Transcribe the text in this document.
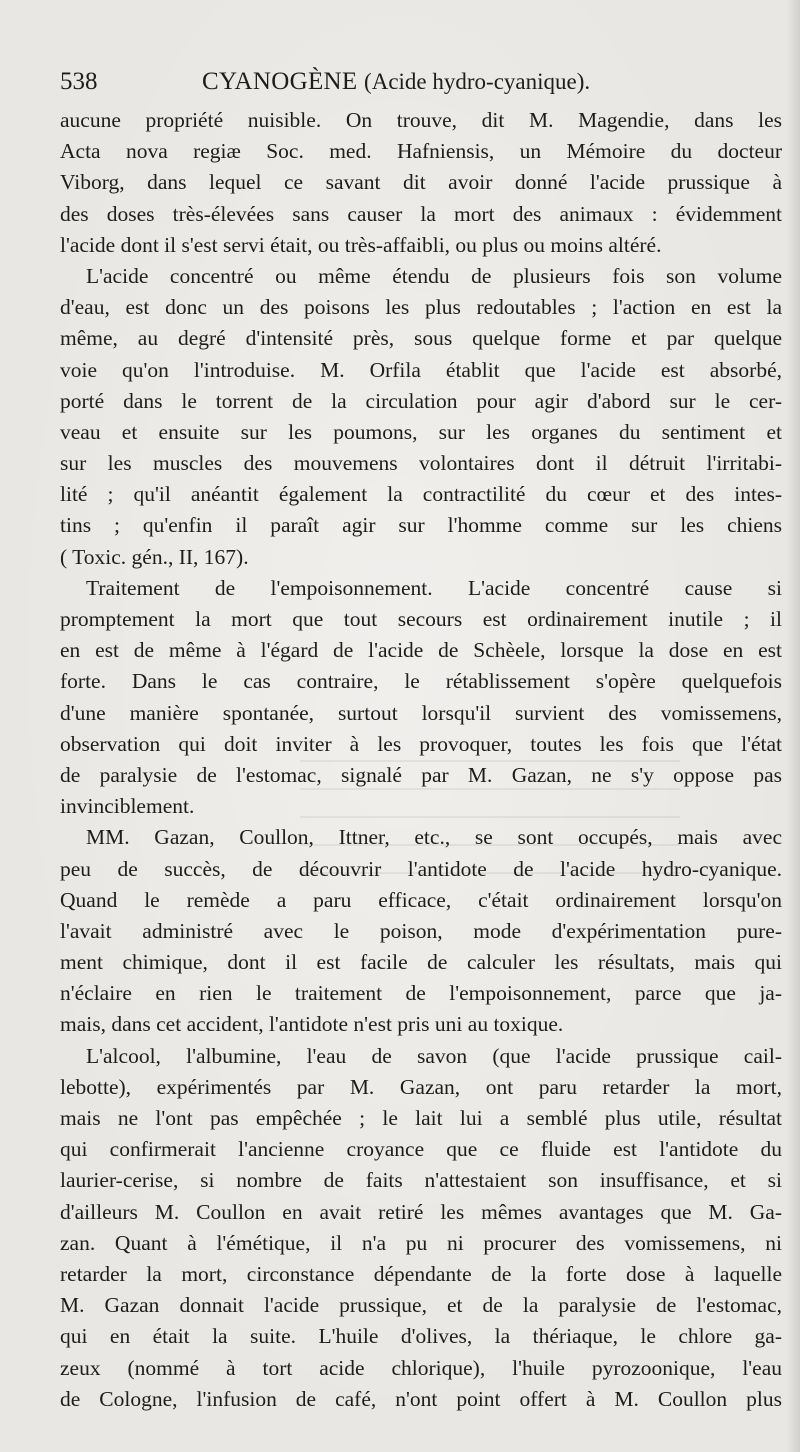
538	CYANOGÈNE (Acide hydro-cyanique).
aucune propriété nuisible. On trouve, dit M. Magendie, dans les
Acta nova regiæ Soc. med. Hafniensis, un Mémoire du docteur
Viborg, dans lequel ce savant dit avoir donné l'acide prussique à
des doses très-élevées sans causer la mort des animaux : évidemment
l'acide dont il s'est servi était, ou très-affaibli, ou plus ou moins altéré.
L'acide concentré ou même étendu de plusieurs fois son volume
d'eau, est donc un des poisons les plus redoutables ; l'action en est la
même, au degré d'intensité près, sous quelque forme et par quelque
voie qu'on l'introduise. M. Orfila établit que l'acide est absorbé,
porté dans le torrent de la circulation pour agir d'abord sur le cer-
veau et ensuite sur les poumons, sur les organes du sentiment et
sur les muscles des mouvemens volontaires dont il détruit l'irritabi-
lité ; qu'il anéantit également la contractilité du cœur et des intes-
tins ; qu'enfin il paraît agir sur l'homme comme sur les chiens
( Toxic. gén., II, 167).
Traitement de l'empoisonnement. L'acide concentré cause si
promptement la mort que tout secours est ordinairement inutile ; il
en est de même à l'égard de l'acide de Schèele, lorsque la dose en est
forte. Dans le cas contraire, le rétablissement s'opère quelquefois
d'une manière spontanée, surtout lorsqu'il survient des vomissemens,
observation qui doit inviter à les provoquer, toutes les fois que l'état
de paralysie de l'estomac, signalé par M. Gazan, ne s'y oppose pas
invinciblement.
MM. Gazan, Coullon, Ittner, etc., se sont occupés, mais avec
peu de succès, de découvrir l'antidote de l'acide hydro-cyanique.
Quand le remède a paru efficace, c'était ordinairement lorsqu'on
l'avait administré avec le poison, mode d'expérimentation pure-
ment chimique, dont il est facile de calculer les résultats, mais qui
n'éclaire en rien le traitement de l'empoisonnement, parce que ja-
mais, dans cet accident, l'antidote n'est pris uni au toxique.
L'alcool, l'albumine, l'eau de savon (que l'acide prussique cail-
lebotte), expérimentés par M. Gazan, ont paru retarder la mort,
mais ne l'ont pas empêchée ; le lait lui a semblé plus utile, résultat
qui confirmerait l'ancienne croyance que ce fluide est l'antidote du
laurier-cerise, si nombre de faits n'attestaient son insuffisance, et si
d'ailleurs M. Coullon en avait retiré les mêmes avantages que M. Ga-
zan. Quant à l'émétique, il n'a pu ni procurer des vomissemens, ni
retarder la mort, circonstance dépendante de la forte dose à laquelle
M. Gazan donnait l'acide prussique, et de la paralysie de l'estomac,
qui en était la suite. L'huile d'olives, la thériaque, le chlore ga-
zeux (nommé à tort acide chlorique), l'huile pyrozoonique, l'eau
de Cologne, l'infusion de café, n'ont point offert à M. Coullon plus
